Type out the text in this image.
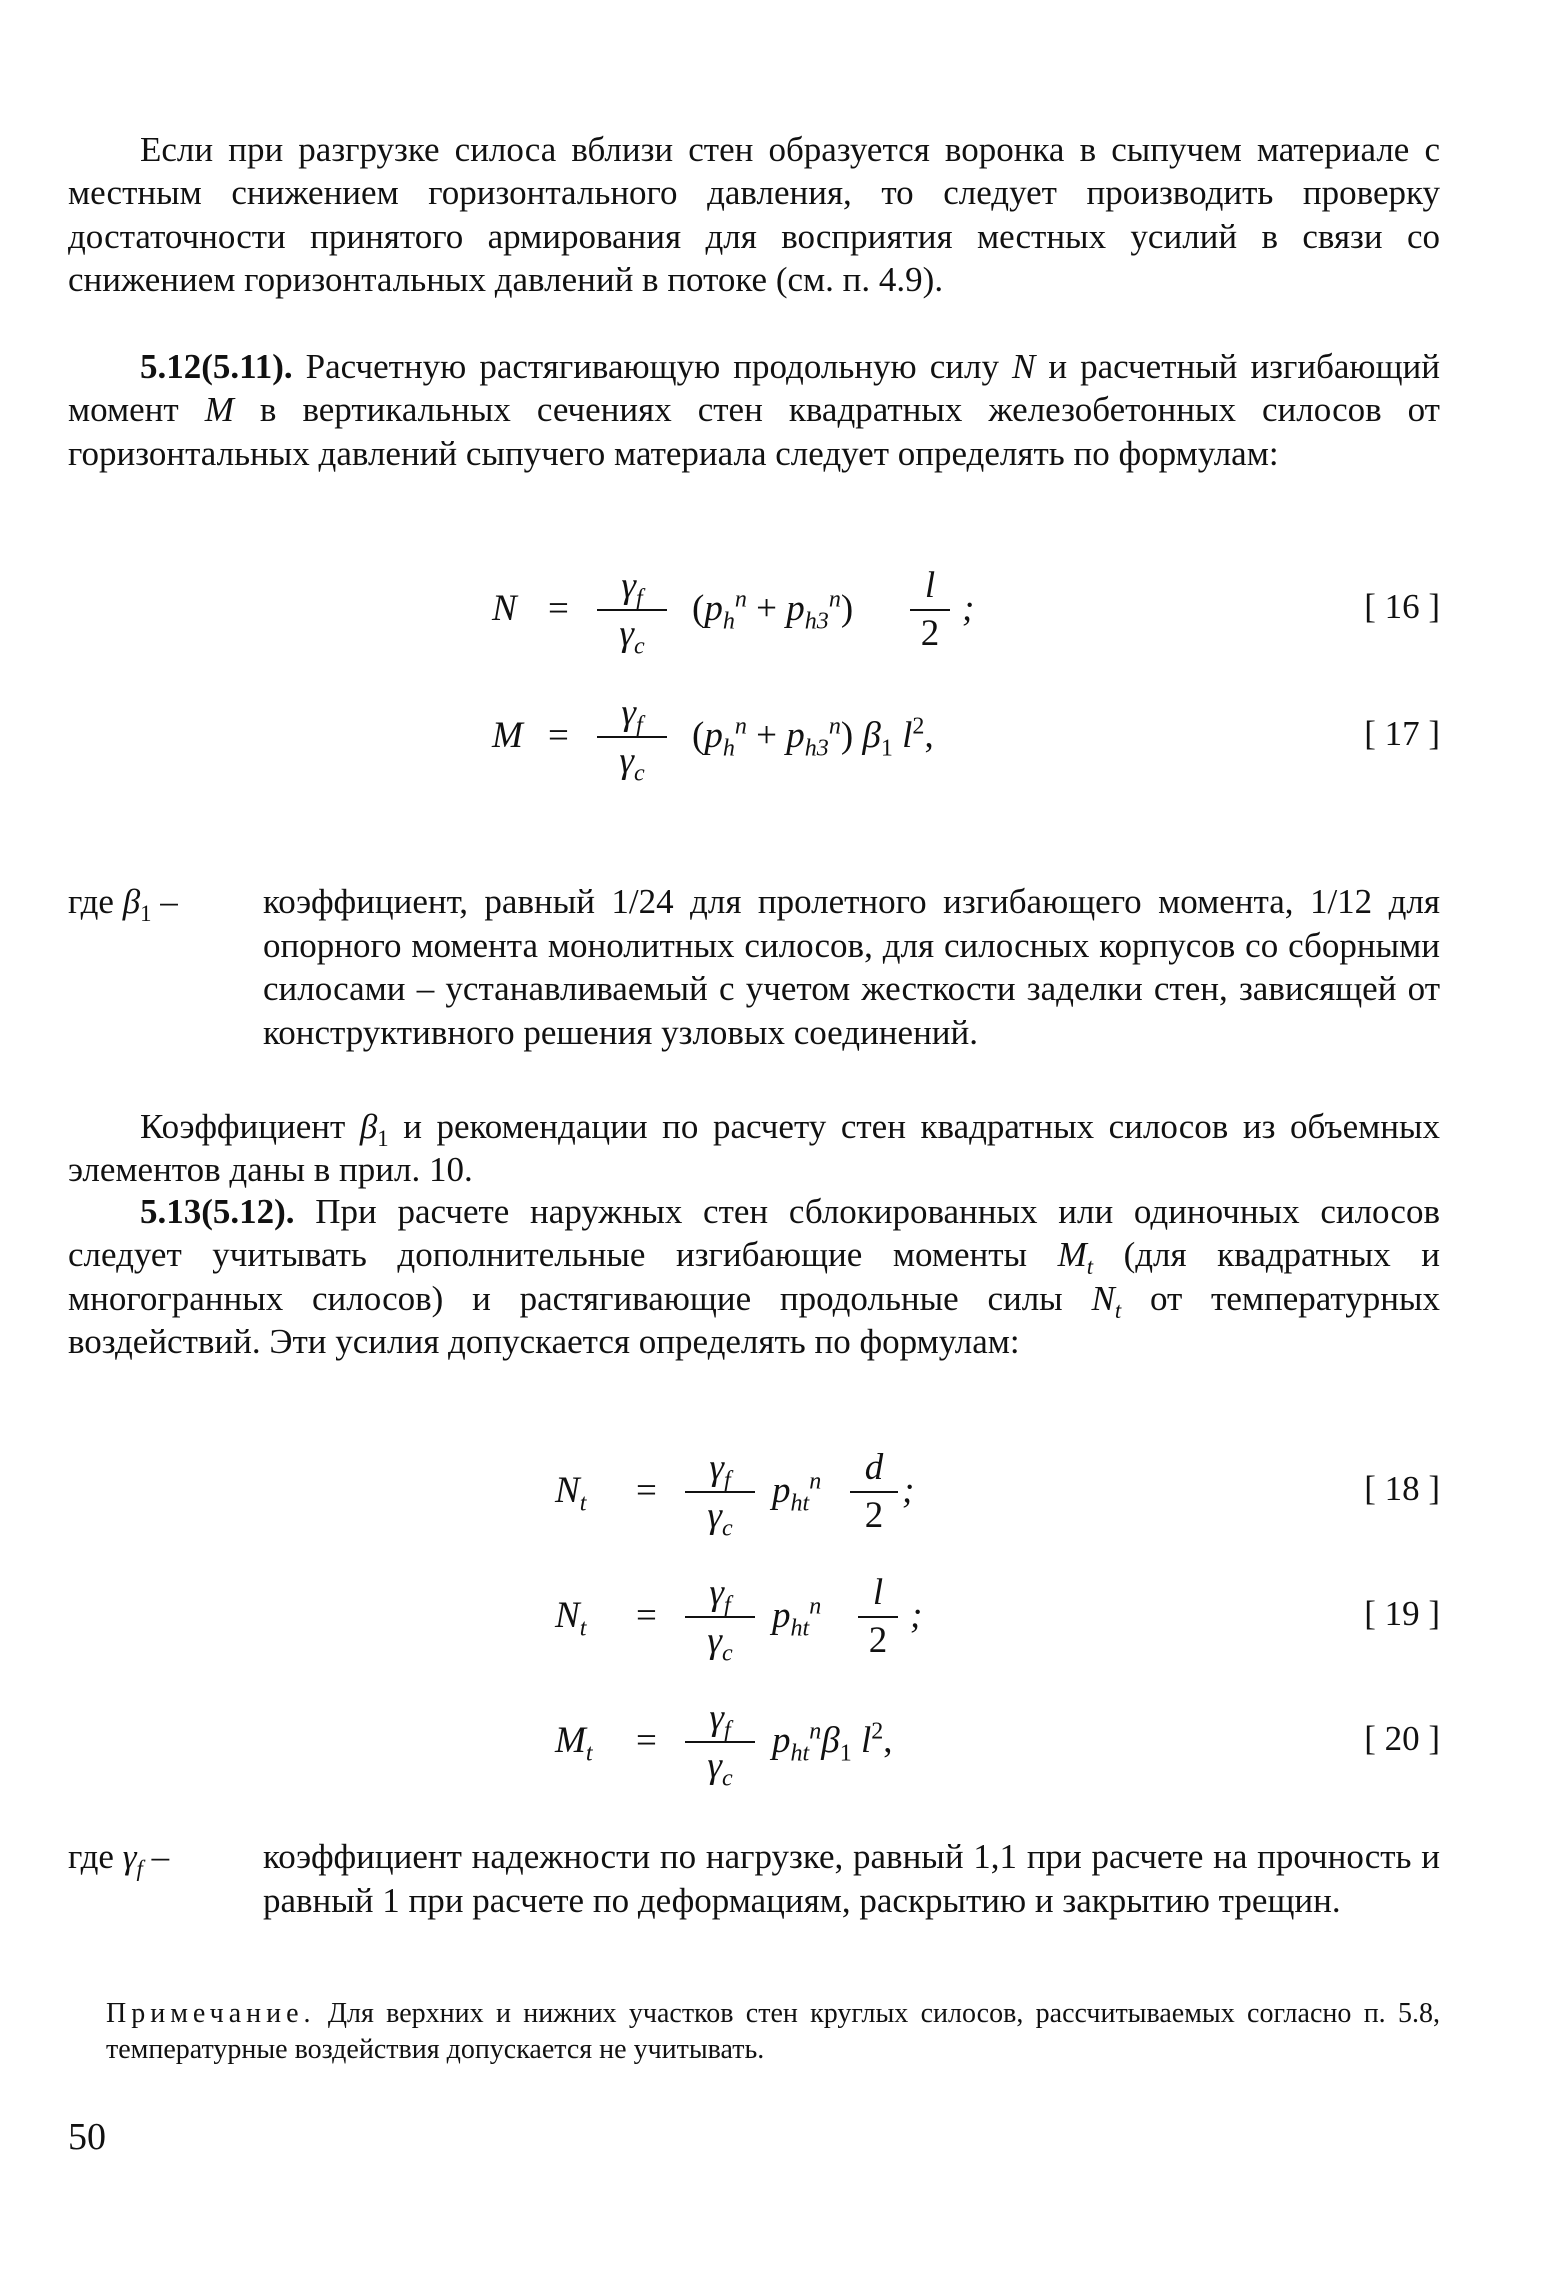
Если при разгрузке силоса вблизи стен образуется воронка в сыпучем материале с местным снижением горизонтального давления, то следует производить проверку достаточности принятого армирования для восприятия местных усилий в связи со снижением горизонтальных давлений в потоке (см. п. 4.9).

5.12(5.11). Расчетную растягивающую продольную силу N и расчетный изгибающий момент M в вертикальных сечениях стен квадратных железобетонных силосов от горизонтальных давлений сыпучего материала следует определять по формулам:

N =
$\gamma_f$
$\gamma_c$
$(p_h^n + p_{h3}^n)$
l
2
;	[ 16 ]
M =
$\gamma_f$
$\gamma_c$
$(p_h^n + p_{h3}^n)$ $\beta_1$ $l^2$,	[ 17 ]
где $\beta_1$ – коэффициент, равный 1/24 для пролетного изгибающего момента, 1/12 для опорного момента монолитных силосов, для силосных корпусов со сборными силосами – устанавливаемый с учетом жесткости заделки стен, зависящей от конструктивного решения узловых соединений.

Коэффициент $\beta_1$ и рекомендации по расчету стен квадратных силосов из объемных элементов даны в прил. 10.

5.13(5.12). При расчете наружных стен сблокированных или одиночных силосов следует учитывать дополнительные изгибающие моменты $M_t$ (для квадратных и многогранных силосов) и растягивающие продольные силы $N_t$ от температурных воздействий. Эти усилия допускается определять по формулам:

$N_t$ =
$\gamma_f$
$\gamma_c$
$p_{ht}^n$	d
2
;	[ 18 ]
$N_t$ =
$\gamma_f$
$\gamma_c$
$p_{ht}^n$	l
2
;	[ 19 ]
$M_t$ =
$\gamma_f$
$\gamma_c$
$p_{ht}^n\beta_1$ $l^2$,	[ 20 ]
где $\gamma_f$ –	коэффициент надежности по нагрузке, равный 1,1 при расчете на прочность и равный 1 при расчете по деформациям, раскрытию и закрытию трещин.

Примечание. Для верхних и нижних участков стен круглых силосов, рассчитываемых согласно п. 5.8, температурные воздействия допускается не учитывать.

50
